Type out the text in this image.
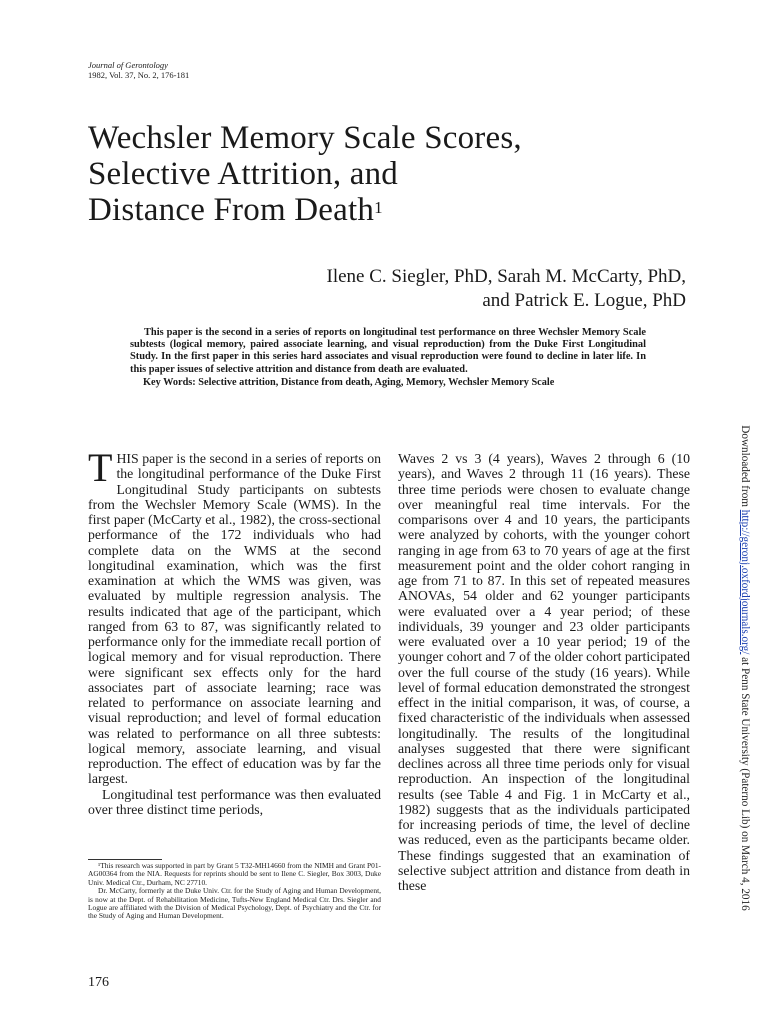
Journal of Gerontology
1982, Vol. 37, No. 2, 176-181
Wechsler Memory Scale Scores,
Selective Attrition, and
Distance From Death$^1$
Ilene C. Siegler, PhD, Sarah M. McCarty, PhD,
and Patrick E. Logue, PhD

This paper is the second in a series of reports on longitudinal test performance on three Wechsler Memory Scale subtests (logical memory, paired associate learning, and visual reproduction) from the Duke First Longitudinal Study. In the first paper in this series hard associates and visual reproduction were found to decline in later life. In this paper issues of selective attrition and distance from death are evaluated.

Key Words: Selective attrition, Distance from death, Aging, Memory, Wechsler Memory Scale

THIS paper is the second in a series of reports on the longitudinal performance of the Duke First Longitudinal Study participants on subtests from the Wechsler Memory Scale (WMS). In the first paper (McCarty et al., 1982), the cross-sectional performance of the 172 individuals who had complete data on the WMS at the second longitudinal examination, which was the first examination at which the WMS was given, was evaluated by multiple regression analysis. The results indicated that age of the participant, which ranged from 63 to 87, was significantly related to performance only for the immediate recall portion of logical memory and for visual reproduction. There were significant sex effects only for the hard associates part of associate learning; race was related to performance on associate learning and visual reproduction; and level of formal education was related to performance on all three subtests: logical memory, associate learning, and visual reproduction. The effect of education was by far the largest.

Longitudinal test performance was then evaluated over three distinct time periods,

Waves 2 vs 3 (4 years), Waves 2 through 6 (10 years), and Waves 2 through 11 (16 years). These three time periods were chosen to evaluate change over meaningful real time intervals. For the comparisons over 4 and 10 years, the participants were analyzed by cohorts, with the younger cohort ranging in age from 63 to 70 years of age at the first measurement point and the older cohort ranging in age from 71 to 87. In this set of repeated measures ANOVAs, 54 older and 62 younger participants were evaluated over a 4 year period; of these individuals, 39 younger and 23 older participants were evaluated over a 10 year period; 19 of the younger cohort and 7 of the older cohort participated over the full course of the study (16 years). While level of formal education demonstrated the strongest effect in the initial comparison, it was, of course, a fixed characteristic of the individuals when assessed longitudinally. The results of the longitudinal analyses suggested that there were significant declines across all three time periods only for visual reproduction. An inspection of the longitudinal results (see Table 4 and Fig. 1 in McCarty et al., 1982) suggests that as the individuals participated for increasing periods of time, the level of decline was reduced, even as the participants became older. These findings suggested that an examination of selective subject attrition and distance from death in these

¹This research was supported in part by Grant 5 T32-MH14660 from the NIMH and Grant P01-AG00364 from the NIA. Requests for reprints should be sent to Ilene C. Siegler, Box 3003, Duke Univ. Medical Ctr., Durham, NC 27710.

Dr. McCarty, formerly at the Duke Univ. Ctr. for the Study of Aging and Human Development, is now at the Dept. of Rehabilitation Medicine, Tufts-New England Medical Ctr. Drs. Siegler and Logue are affiliated with the Division of Medical Psychology, Dept. of Psychiatry and the Ctr. for the Study of Aging and Human Development.

176
Downloaded from http://geronj.oxfordjournals.org/ at Penn State University (Paterno Lib) on March 4, 2016
